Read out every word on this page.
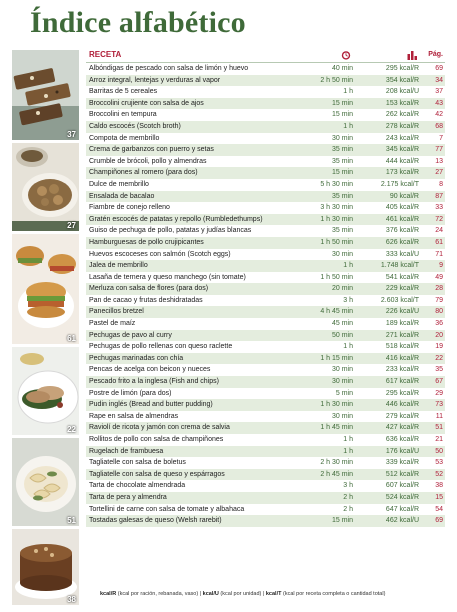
Índice alfabético
37
27
61
22
51
38
RECETA	Pág.
Albóndigas de pescado con salsa de limón y huevo	40 min	295 kcal/R 69
Arroz integral, lentejas y verduras al vapor	2 h 50 min	354 kcal/R 34
Barritas de 5 cereales	1 h	208 kcal/U 37
Broccolini crujiente con salsa de ajos	15 min	153 kcal/R 43
Broccolini en tempura	15 min	262 kcal/R 42
Caldo escocés (Scotch broth)	1 h	278 kcal/R 68
Compota de membrillo	30 min	243 kcal/R	7
Crema de garbanzos con puerro y setas	35 min	345 kcal/R 77
Crumble de brócoli, pollo y almendras	35 min	444 kcal/R 13
Champiñones al romero (para dos)	15 min	173 kcal/R 27
Dulce de membrillo	5 h 30 min	2.175 kcal/T	8
Ensalada de bacalao	35 min	90 kcal/R 87
Fiambre de conejo relleno	3 h 30 min	405 kcal/R 33
Gratén escocés de patatas y repollo (Rumbledethumps)	1 h 30 min	461 kcal/R 72
Guiso de pechuga de pollo, patatas y judías blancas	35 min	376 kcal/R 24
Hamburguesas de pollo crujipicantes	1 h 50 min	626 kcal/R 61
Huevos escoceses con salmón (Scotch eggs)	30 min	333 kcal/U 71
Jalea de membrillo	1 h	1.748 kcal/T	9
Lasaña de ternera y queso manchego (sin tomate)	1 h 50 min	541 kcal/R 49
Merluza con salsa de flores (para dos)	20 min	229 kcal/R 28
Pan de cacao y frutas deshidratadas	3 h	2.603 kcal/T 79
Panecillos bretzel	4 h 45 min	226 kcal/U 80
Pastel de maíz	45 min	189 kcal/R 36
Pechugas de pavo al curry	50 min	271 kcal/R 20
Pechugas de pollo rellenas con queso raclette	1 h	518 kcal/R 19
Pechugas marinadas con chía	1 h 15 min	416 kcal/R 22
Pencas de acelga con beicon y nueces	30 min	233 kcal/R 35
Pescado frito a la inglesa (Fish and chips)	30 min	617 kcal/R 67
Postre de limón (para dos)	5 min	295 kcal/R 29
Pudin inglés (Bread and butter pudding)	1 h 30 min	446 kcal/R 73
Rape en salsa de almendras	30 min	279 kcal/R 11
Raviolí de ricota y jamón con crema de salvia	1 h 45 min	427 kcal/R 51
Rollitos de pollo con salsa de champiñones	1 h	636 kcal/R 21
Rugelach de frambuesa	1 h	176 kcal/U 50
Tagliatelle con salsa de boletus	2 h 30 min	339 kcal/R 53
Tagliatelle con salsa de queso y espárragos	2 h 45 min	512 kcal/R 52
Tarta de chocolate almendrada	3 h	607 kcal/R 38
Tarta de pera y almendra	2 h	524 kcal/R 15
Tortellini de carne con salsa de tomate y albahaca	2 h	647 kcal/R 54
Tostadas galesas de queso (Welsh rarebit)	15 min	462 kcal/U 69
kcal/R (kcal por ración, rebanada, vaso) | kcal/U (kcal por unidad) | kcal/T (kcal por receta completa o cantidad total)
